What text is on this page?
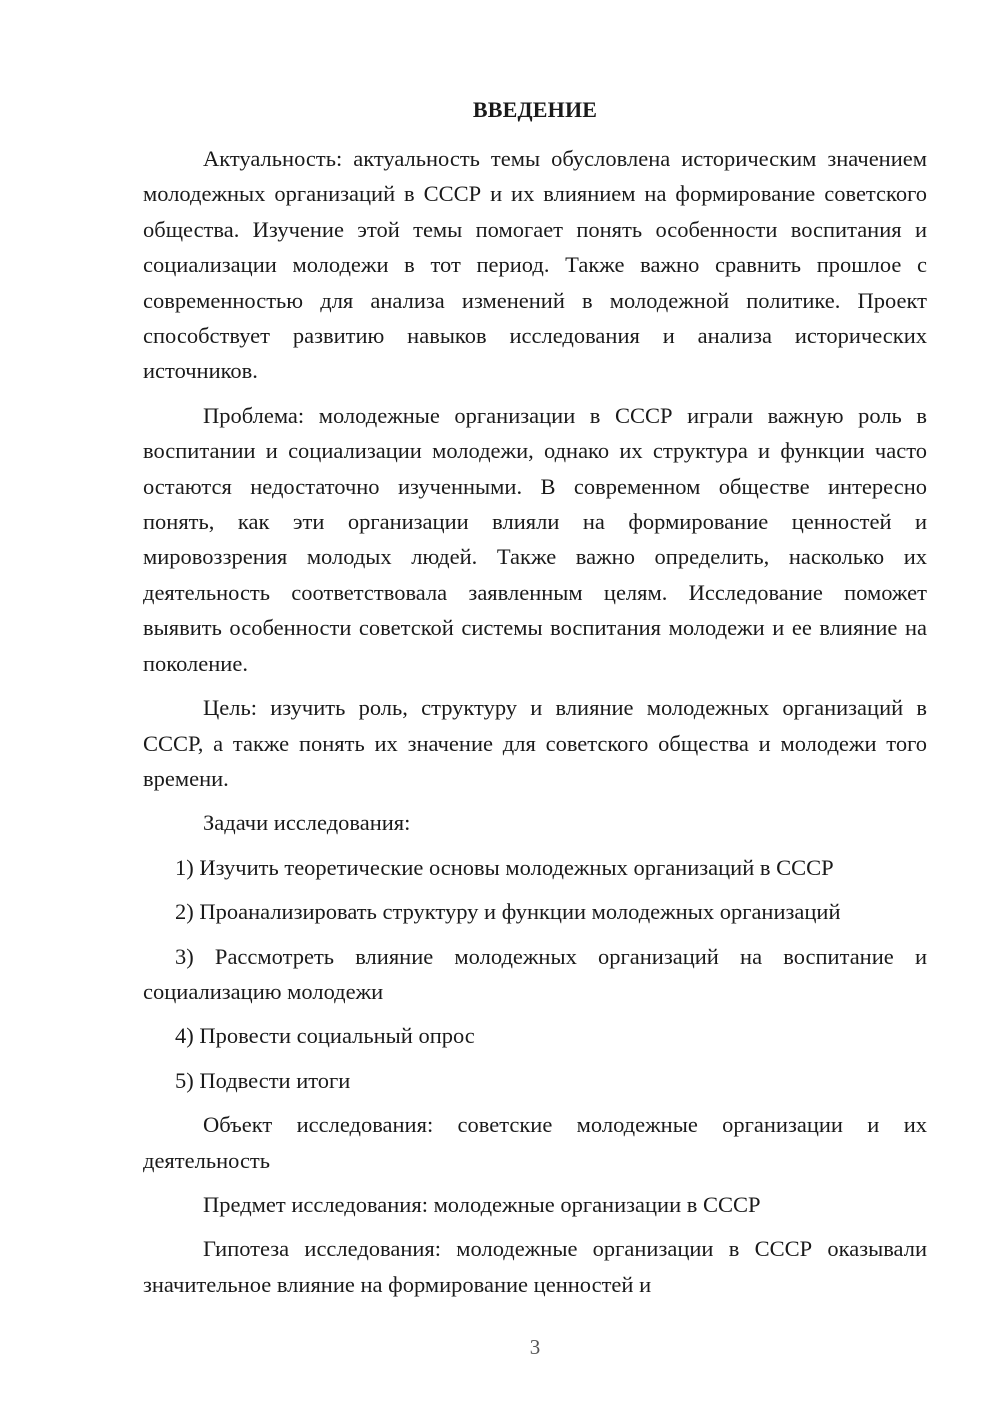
ВВЕДЕНИЕ

Актуальность: актуальность темы обусловлена историческим значением молодежных организаций в СССР и их влиянием на формирование советского общества. Изучение этой темы помогает понять особенности воспитания и социализации молодежи в тот период. Также важно сравнить прошлое с современностью для анализа изменений в молодежной политике. Проект способствует развитию навыков исследования и анализа исторических источников.

Проблема: молодежные организации в СССР играли важную роль в воспитании и социализации молодежи, однако их структура и функции часто остаются недостаточно изученными. В современном обществе интересно понять, как эти организации влияли на формирование ценностей и мировоззрения молодых людей. Также важно определить, насколько их деятельность соответствовала заявленным целям. Исследование поможет выявить особенности советской системы воспитания молодежи и ее влияние на поколение.

Цель: изучить роль, структуру и влияние молодежных организаций в СССР, а также понять их значение для советского общества и молодежи того времени.

Задачи исследования:

1) Изучить теоретические основы молодежных организаций в СССР

2) Проанализировать структуру и функции молодежных организаций

3) Рассмотреть влияние молодежных организаций на воспитание и социализацию молодежи

4) Провести социальный опрос

5) Подвести итоги

Объект исследования: советские молодежные организации и их деятельность

Предмет исследования: молодежные организации в СССР

Гипотеза исследования: молодежные организации в СССР оказывали значительное влияние на формирование ценностей и

3
